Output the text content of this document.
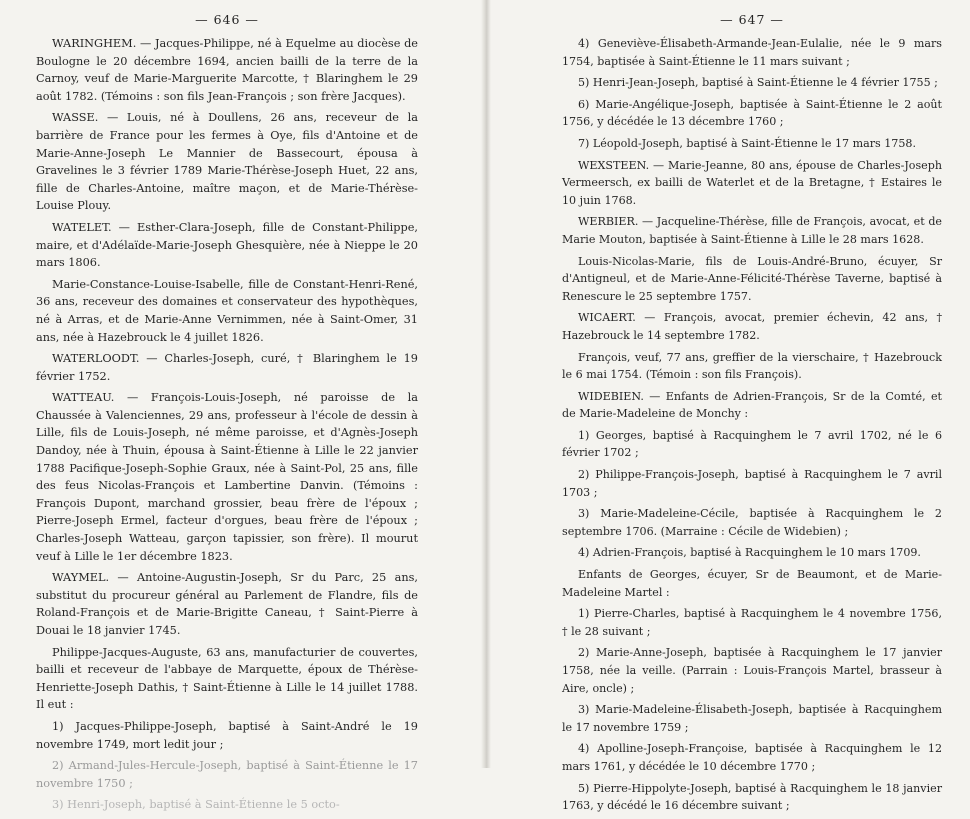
— 646 —

WARINGHEM. — Jacques-Philippe, né à Equelme au diocèse de Boulogne le 20 décembre 1694, ancien bailli de la terre de la Carnoy, veuf de Marie-Marguerite Marcotte, † Blaringhem le 29 août 1782. (Témoins : son fils Jean-François ; son frère Jacques).

WASSE. — Louis, né à Doullens, 26 ans, receveur de la barrière de France pour les fermes à Oye, fils d'Antoine et de Marie-Anne-Joseph Le Mannier de Bassecourt, épousa à Gravelines le 3 février 1789 Marie-Thérèse-Joseph Huet, 22 ans, fille de Charles-Antoine, maître maçon, et de Marie-Thérèse-Louise Plouy.

WATELET. — Esther-Clara-Joseph, fille de Constant-Philippe, maire, et d'Adélaïde-Marie-Joseph Ghesquière, née à Nieppe le 20 mars 1806.

Marie-Constance-Louise-Isabelle, fille de Constant-Henri-René, 36 ans, receveur des domaines et conservateur des hypothèques, né à Arras, et de Marie-Anne Vernimmen, née à Saint-Omer, 31 ans, née à Hazebrouck le 4 juillet 1826.

WATERLOODT. — Charles-Joseph, curé, † Blaringhem le 19 février 1752.

WATTEAU. — François-Louis-Joseph, né paroisse de la Chaussée à Valenciennes, 29 ans, professeur à l'école de dessin à Lille, fils de Louis-Joseph, né même paroisse, et d'Agnès-Joseph Dandoy, née à Thuin, épousa à Saint-Étienne à Lille le 22 janvier 1788 Pacifique-Joseph-Sophie Graux, née à Saint-Pol, 25 ans, fille des feus Nicolas-François et Lambertine Danvin. (Témoins : François Dupont, marchand grossier, beau frère de l'époux ; Pierre-Joseph Ermel, facteur d'orgues, beau frère de l'époux ; Charles-Joseph Watteau, garçon tapissier, son frère). Il mourut veuf à Lille le 1er décembre 1823.

WAYMEL. — Antoine-Augustin-Joseph, Sr du Parc, 25 ans, substitut du procureur général au Parlement de Flandre, fils de Roland-François et de Marie-Brigitte Caneau, † Saint-Pierre à Douai le 18 janvier 1745.

Philippe-Jacques-Auguste, 63 ans, manufacturier de couvertes, bailli et receveur de l'abbaye de Marquette, époux de Thérèse-Henriette-Joseph Dathis, † Saint-Étienne à Lille le 14 juillet 1788. Il eut :

1) Jacques-Philippe-Joseph, baptisé à Saint-André le 19 novembre 1749, mort ledit jour ;

2) Armand-Jules-Hercule-Joseph, baptisé à Saint-Étienne le 17 novembre 1750 ;

3) Henri-Joseph, baptisé à Saint-Étienne le 5 octo-

— 647 —

4) Geneviève-Élisabeth-Armande-Jean-Eulalie, née le 9 mars 1754, baptisée à Saint-Étienne le 11 mars suivant ;

5) Henri-Jean-Joseph, baptisé à Saint-Étienne le 4 février 1755 ;

6) Marie-Angélique-Joseph, baptisée à Saint-Étienne le 2 août 1756, y décédée le 13 décembre 1760 ;

7) Léopold-Joseph, baptisé à Saint-Étienne le 17 mars 1758.

WEXSTEEN. — Marie-Jeanne, 80 ans, épouse de Charles-Joseph Vermeersch, ex bailli de Waterlet et de la Bretagne, † Estaires le 10 juin 1768.

WERBIER. — Jacqueline-Thérèse, fille de François, avocat, et de Marie Mouton, baptisée à Saint-Étienne à Lille le 28 mars 1628.

Louis-Nicolas-Marie, fils de Louis-André-Bruno, écuyer, Sr d'Antigneul, et de Marie-Anne-Félicité-Thérèse Taverne, baptisé à Renescure le 25 septembre 1757.

WICAERT. — François, avocat, premier échevin, 42 ans, † Hazebrouck le 14 septembre 1782.

François, veuf, 77 ans, greffier de la vierschaire, † Hazebrouck le 6 mai 1754. (Témoin : son fils François).

WIDEBIEN. — Enfants de Adrien-François, Sr de la Comté, et de Marie-Madeleine de Monchy :

1) Georges, baptisé à Racquinghem le 7 avril 1702, né le 6 février 1702 ;

2) Philippe-François-Joseph, baptisé à Racquinghem le 7 avril 1703 ;

3) Marie-Madeleine-Cécile, baptisée à Racquinghem le 2 septembre 1706. (Marraine : Cécile de Widebien) ;

4) Adrien-François, baptisé à Racquinghem le 10 mars 1709.

Enfants de Georges, écuyer, Sr de Beaumont, et de Marie-Madeleine Martel :

1) Pierre-Charles, baptisé à Racquinghem le 4 novembre 1756, † le 28 suivant ;

2) Marie-Anne-Joseph, baptisée à Racquinghem le 17 janvier 1758, née la veille. (Parrain : Louis-François Martel, brasseur à Aire, oncle) ;

3) Marie-Madeleine-Élisabeth-Joseph, baptisée à Racquinghem le 17 novembre 1759 ;

4) Apolline-Joseph-Françoise, baptisée à Racquinghem le 12 mars 1761, y décédée le 10 décembre 1770 ;

5) Pierre-Hippolyte-Joseph, baptisé à Racquinghem le 18 janvier 1763, y décédé le 16 décembre suivant ;
